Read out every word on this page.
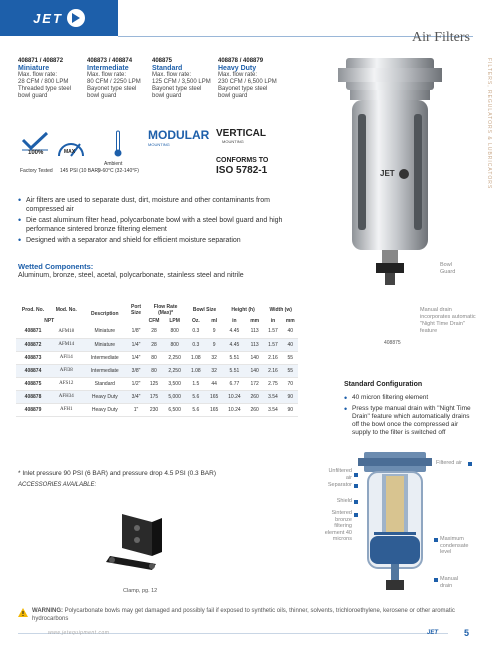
JET
Air Filters
FILTERS, REGULATORS & LUBRICATORS
408871 / 408872
Miniature
Max. flow rate:
28 CFM / 800 LPM
Threaded type steel
bowl guard
408873 / 408874
Intermediate
Max. flow rate:
80 CFM / 2250 LPM
Bayonet type steel
bowl guard
408875
Standard
Max. flow rate:
125 CFM / 3,500 LPM
Bayonet type steel
bowl guard
408878 / 408879
Heavy Duty
Max. flow rate:
230 CFM / 6,500 LPM
Bayonet type steel
bowl guard
100%	MAX
MODULAR
MOUNTING
VERTICAL
MOUNTING
Factory Tested 145 PSI (10 BAR)
Ambient
0-60°C (32-140°F)
CONFORMS TO
ISO 5782-1
• Air filters are used to separate dust, dirt, moisture and other contaminants from compressed air
• Die cast aluminum filter head, polycarbonate bowl with a steel bowl guard and high performance sintered bronze filtering element
• Designed with a separator and shield for efficient moisture separation
Wetted Components:
Aluminum, bronze, steel, acetal, polycarbonate, stainless steel and nitrile
JET
Bowl
Guard
Manual drain incorporates automatic "Night Time Drain" feature
408875
Prod. No.	Mod. No.	Description	Port
Size	Flow Rate
(Max)*		Bowl Size		Height (h)		Width (w)	
NPT				CFM	LPM	Oz.	ml	in	mm	in	mm
408871	AFM18	Miniature	1/8"	28	800	0.3	9	4.45	113	1.57	40
408872	AFM14	Miniature	1/4"	28	800	0.3	9	4.45	113	1.57	40
408873	AFI14	Intermediate	1/4"	80	2,250	1.08	32	5.51	140	2.16	55
408874	AFI38	Intermediate	3/8"	80	2,250	1.08	32	5.51	140	2.16	55
408875	AFS12	Standard	1/2"	125	3,500	1.5	44	6.77	172	2.75	70
408878	AFH34	Heavy Duty	3/4"	175	5,000	5.6	165	10.24	260	3.54	90
408879	AFH1	Heavy Duty	1"	230	6,500	5.6	165	10.24	260	3.54	90
* Inlet pressure 90 PSI (6 BAR) and pressure drop 4.5 PSI (0.3 BAR)
ACCESSORIES AVAILABLE:
Clamp, pg. 12
Standard Configuration
• 40 micron filtering element
• Press type manual drain with "Night Time Drain" feature which automatically drains off the bowl once the compressed air supply to the filter is switched off
Unfiltered
air
Separator
Shield
Sintered
bronze
filtering
element 40
microns
Filtered air
Maximum
condensate
level
Manual
drain
WARNING: Polycarbonate bowls may get damaged and possibly fail if exposed to synthetic oils, thinner, solvents, trichloroethylene, kerosene or other aromatic hydrocarbons
www.jetequipment.com	JET	5
